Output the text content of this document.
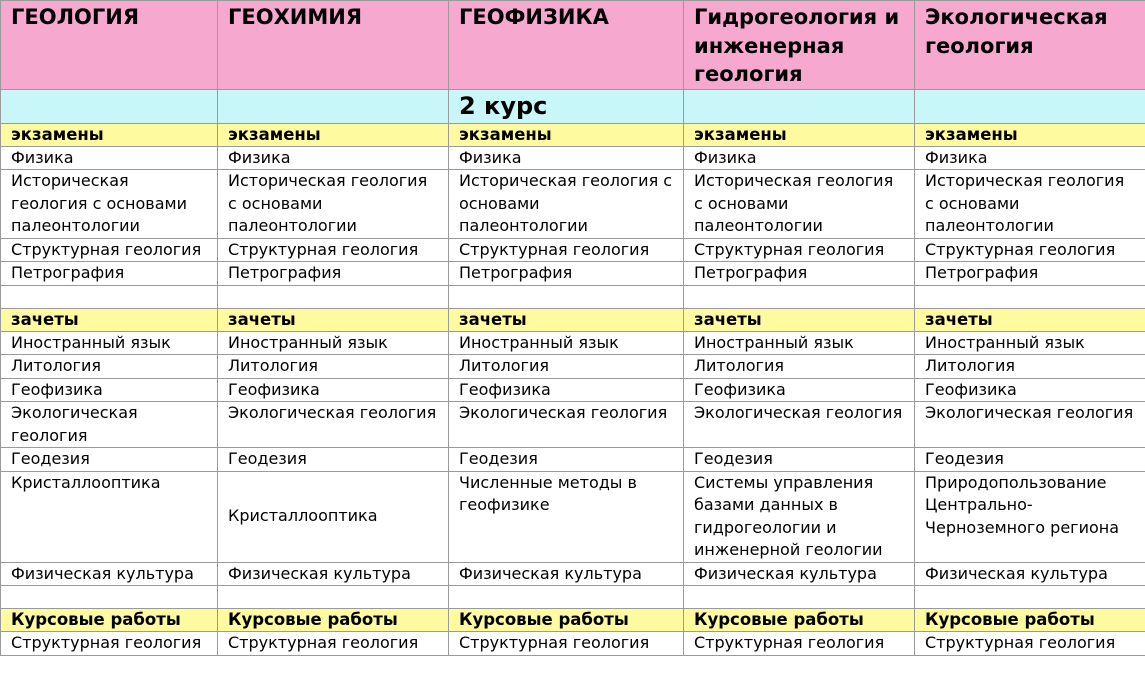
ГЕОЛОГИЯ	ГЕОХИМИЯ	ГЕОФИЗИКА	Гидрогеология и инженерная геология	Экологическая геология
		2 курс		
экзамены	экзамены	экзамены	экзамены	экзамены
Физика	Физика	Физика	Физика	Физика
Историческая геология с основами палеонтологии	Историческая геология с основами палеонтологии	Историческая геология с основами палеонтологии	Историческая геология с основами палеонтологии	Историческая геология с основами палеонтологии
Структурная геология	Структурная геология	Структурная геология	Структурная геология	Структурная геология
Петрография	Петрография	Петрография	Петрография	Петрография

зачеты	зачеты	зачеты	зачеты	зачеты
Иностранный язык	Иностранный язык	Иностранный язык	Иностранный язык	Иностранный язык
Литология	Литология	Литология	Литология	Литология
Геофизика	Геофизика	Геофизика	Геофизика	Геофизика
Экологическая геология	Экологическая геология	Экологическая геология	Экологическая геология	Экологическая геология
Геодезия	Геодезия	Геодезия	Геодезия	Геодезия
Кристаллооптика	Кристаллооптика	Численные методы в геофизике	Системы управления базами данных в гидрогеологии и инженерной геологии	Природопользование Центрально-Черноземного региона
Физическая культура	Физическая культура	Физическая культура	Физическая культура	Физическая культура

Курсовые работы	Курсовые работы	Курсовые работы	Курсовые работы	Курсовые работы
Структурная геология	Структурная геология	Структурная геология	Структурная геология	Структурная геология
